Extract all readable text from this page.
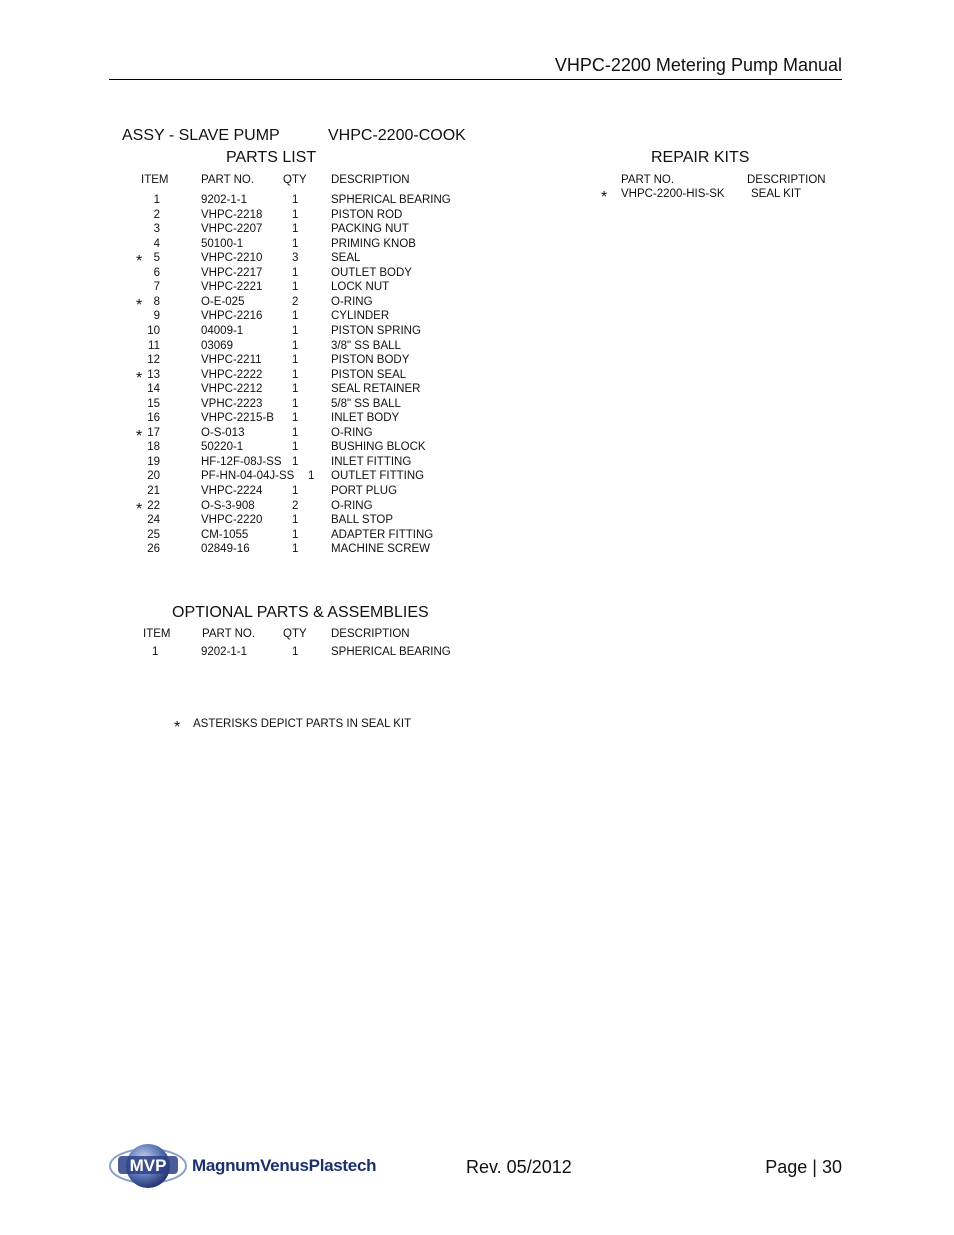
VHPC-2200 Metering Pump Manual
ASSY - SLAVE PUMP	VHPC-2200-COOK
PARTS LIST
ITEM	PART NO.	QTY DESCRIPTION
1	9202-1-1	1	SPHERICAL BEARING
2	VHPC-2218	1	PISTON ROD
3	VHPC-2207	1	PACKING NUT
4	50100-1	1	PRIMING KNOB
* 5	VHPC-2210	3	SEAL
6	VHPC-2217	1	OUTLET BODY
7	VHPC-2221	1	LOCK NUT
* 8	O-E-025	2	O-RING
9	VHPC-2216	1	CYLINDER
10	04009-1	1	PISTON SPRING
11	03069	1	3/8" SS BALL
12	VHPC-2211	1	PISTON BODY
* 13	VHPC-2222	1	PISTON SEAL
14	VHPC-2212	1	SEAL RETAINER
15	VPHC-2223	1	5/8" SS BALL
16	VHPC-2215-B 1	INLET BODY
* 17	O-S-013	1	O-RING
18	50220-1	1	BUSHING BLOCK
19	HF-12F-08J-SS 1	INLET FITTING
20	PF-HN-04-04J-SS 1 OUTLET FITTING
21	VHPC-2224	1	PORT PLUG
* 22	O-S-3-908	2	O-RING
24	VHPC-2220	1	BALL STOP
25	CM-1055	1	ADAPTER FITTING
26	02849-16	1	MACHINE SCREW
REPAIR KITS
PART NO.	DESCRIPTION
* VHPC-2200-HIS-SK SEAL KIT
OPTIONAL PARTS & ASSEMBLIES
ITEM	PART NO. QTY DESCRIPTION
1	9202-1-1	1	SPHERICAL BEARING
* ASTERISKS DEPICT PARTS IN SEAL KIT
MVP MagnumVenusPlastech	Rev. 05/2012	Page | 30
